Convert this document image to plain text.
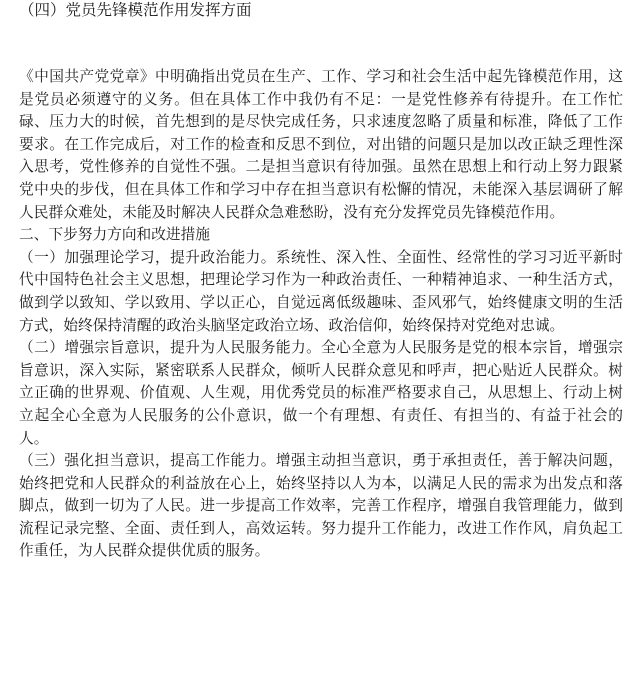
（四）党员先锋模范作用发挥方面

《中国共产党党章》中明确指出党员在生产、工作、学习和社会生活中起先锋模范作用，这是党员必须遵守的义务。但在具体工作中我仍有不足：一是党性修养有待提升。在工作忙碌、压力大的时候，首先想到的是尽快完成任务，只求速度忽略了质量和标准，降低了工作要求。在工作完成后，对工作的检查和反思不到位，对出错的问题只是加以改正缺乏理性深入思考，党性修养的自觉性不强。二是担当意识有待加强。虽然在思想上和行动上努力跟紧党中央的步伐，但在具体工作和学习中存在担当意识有松懈的情况，未能深入基层调研了解人民群众难处，未能及时解决人民群众急难愁盼，没有充分发挥党员先锋模范作用。

二、下步努力方向和改进措施

（一）加强理论学习，提升政治能力。系统性、深入性、全面性、经常性的学习习近平新时代中国特色社会主义思想，把理论学习作为一种政治责任、一种精神追求、一种生活方式，做到学以致知、学以致用、学以正心，自觉远离低级趣味、歪风邪气，始终健康文明的生活方式，始终保持清醒的政治头脑坚定政治立场、政治信仰，始终保持对党绝对忠诚。

（二）增强宗旨意识，提升为人民服务能力。全心全意为人民服务是党的根本宗旨，增强宗旨意识，深入实际，紧密联系人民群众，倾听人民群众意见和呼声，把心贴近人民群众。树立正确的世界观、价值观、人生观，用优秀党员的标准严格要求自己，从思想上、行动上树立起全心全意为人民服务的公仆意识，做一个有理想、有责任、有担当的、有益于社会的人。

（三）强化担当意识，提高工作能力。增强主动担当意识，勇于承担责任，善于解决问题，始终把党和人民群众的利益放在心上，始终坚持以人为本，以满足人民的需求为出发点和落脚点，做到一切为了人民。进一步提高工作效率，完善工作程序，增强自我管理能力，做到流程记录完整、全面、责任到人，高效运转。努力提升工作能力，改进工作作风，肩负起工作重任，为人民群众提供优质的服务。
